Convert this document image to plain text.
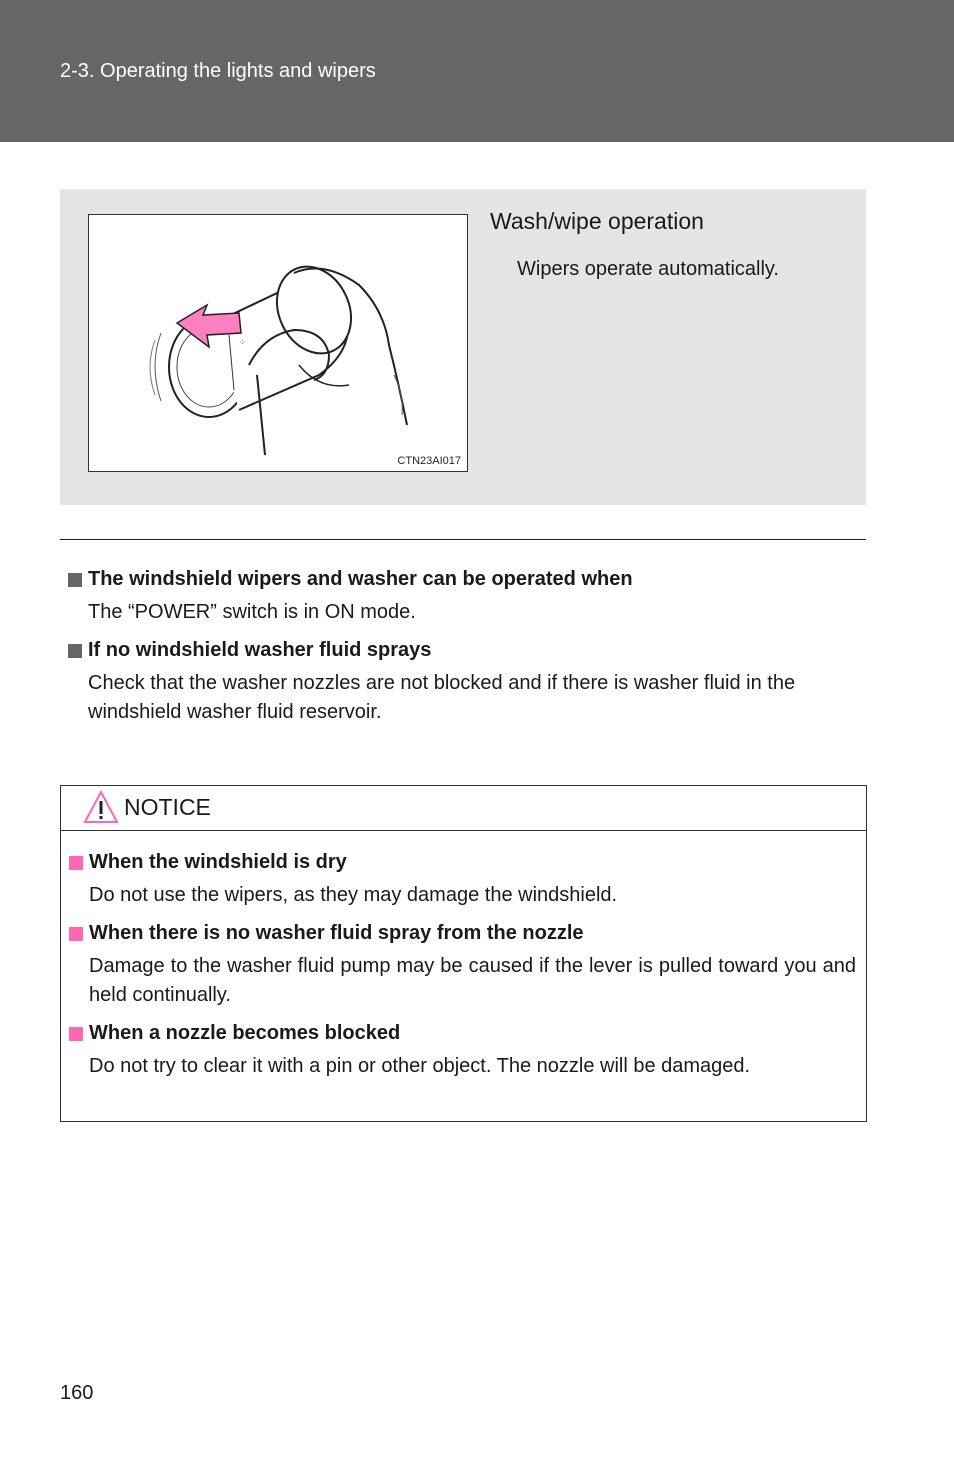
2-3. Operating the lights and wipers
⁘
CTN23AI017
Wash/wipe operation
Wipers operate automatically.
The windshield wipers and washer can be operated when
The “POWER” switch is in ON mode.
If no windshield washer fluid sprays
Check that the washer nozzles are not blocked and if there is washer fluid in the windshield washer fluid reservoir.
NOTICE
When the windshield is dry
Do not use the wipers, as they may damage the windshield.
When there is no washer fluid spray from the nozzle
Damage to the washer fluid pump may be caused if the lever is pulled toward you and held continually.
When a nozzle becomes blocked
Do not try to clear it with a pin or other object. The nozzle will be damaged.
160
